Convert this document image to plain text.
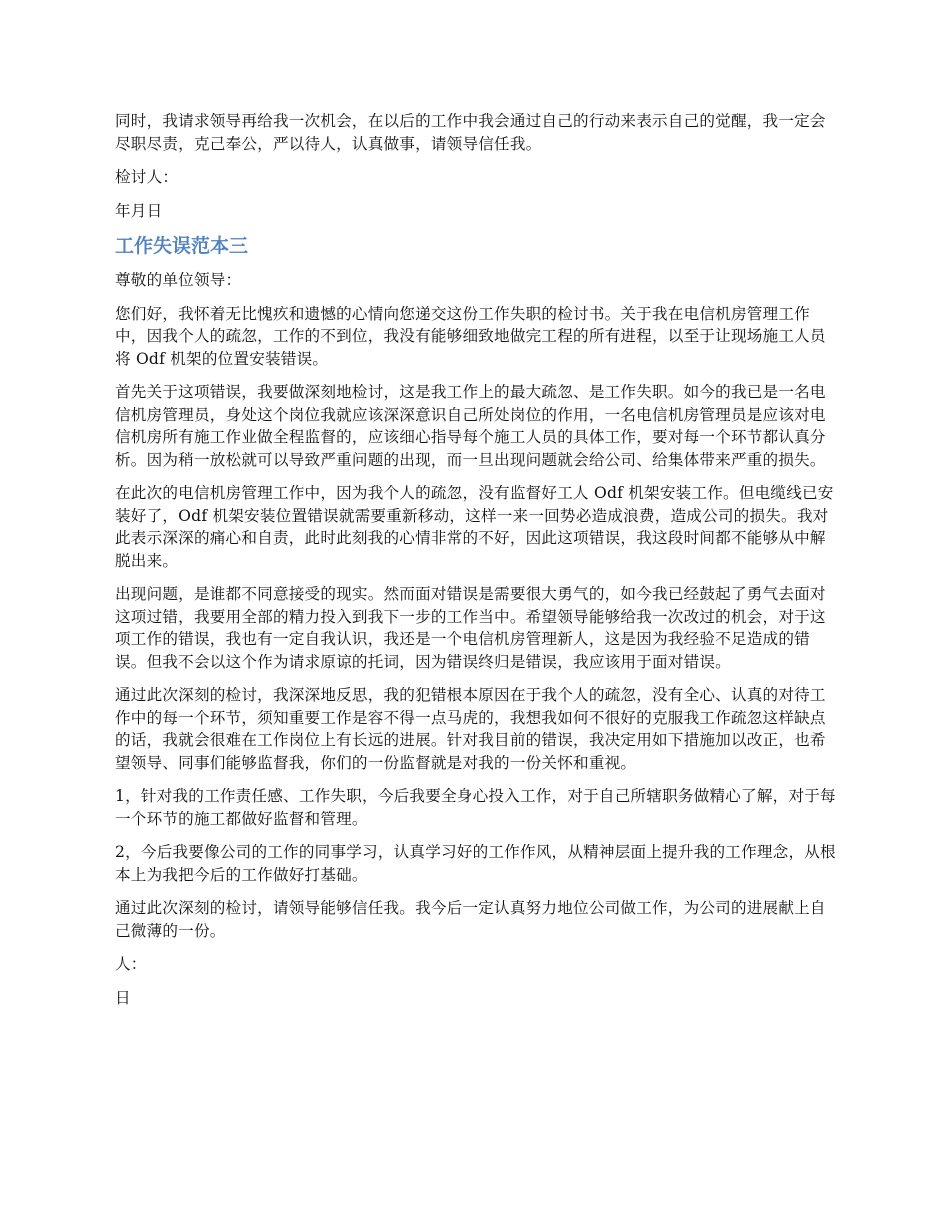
同时，我请求领导再给我一次机会，在以后的工作中我会通过自己的行动来表示自己的觉醒，我一定会尽职尽责，克己奉公，严以待人，认真做事，请领导信任我。

检讨人：

年月日

工作失误范本三

尊敬的单位领导：

您们好，我怀着无比愧疚和遗憾的心情向您递交这份工作失职的检讨书。关于我在电信机房管理工作中，因我个人的疏忽，工作的不到位，我没有能够细致地做完工程的所有进程，以至于让现场施工人员将 Odf 机架的位置安装错误。

首先关于这项错误，我要做深刻地检讨，这是我工作上的最大疏忽、是工作失职。如今的我已是一名电信机房管理员，身处这个岗位我就应该深深意识自己所处岗位的作用，一名电信机房管理员是应该对电信机房所有施工作业做全程监督的，应该细心指导每个施工人员的具体工作，要对每一个环节都认真分析。因为稍一放松就可以导致严重问题的出现，而一旦出现问题就会给公司、给集体带来严重的损失。

在此次的电信机房管理工作中，因为我个人的疏忽，没有监督好工人 Odf 机架安装工作。但电缆线已安装好了，Odf 机架安装位置错误就需要重新移动，这样一来一回势必造成浪费，造成公司的损失。我对此表示深深的痛心和自责，此时此刻我的心情非常的不好，因此这项错误，我这段时间都不能够从中解脱出来。

出现问题，是谁都不同意接受的现实。然而面对错误是需要很大勇气的，如今我已经鼓起了勇气去面对这项过错，我要用全部的精力投入到我下一步的工作当中。希望领导能够给我一次改过的机会，对于这项工作的错误，我也有一定自我认识，我还是一个电信机房管理新人，这是因为我经验不足造成的错误。但我不会以这个作为请求原谅的托词，因为错误终归是错误，我应该用于面对错误。

通过此次深刻的检讨，我深深地反思，我的犯错根本原因在于我个人的疏忽，没有全心、认真的对待工作中的每一个环节，须知重要工作是容不得一点马虎的，我想我如何不很好的克服我工作疏忽这样缺点的话，我就会很难在工作岗位上有长远的进展。针对我目前的错误，我决定用如下措施加以改正，也希望领导、同事们能够监督我，你们的一份监督就是对我的一份关怀和重视。

1，针对我的工作责任感、工作失职，今后我要全身心投入工作，对于自己所辖职务做精心了解，对于每一个环节的施工都做好监督和管理。

2，今后我要像公司的工作的同事学习，认真学习好的工作作风，从精神层面上提升我的工作理念，从根本上为我把今后的工作做好打基础。

通过此次深刻的检讨，请领导能够信任我。我今后一定认真努力地位公司做工作，为公司的进展献上自己微薄的一份。

人：

日
